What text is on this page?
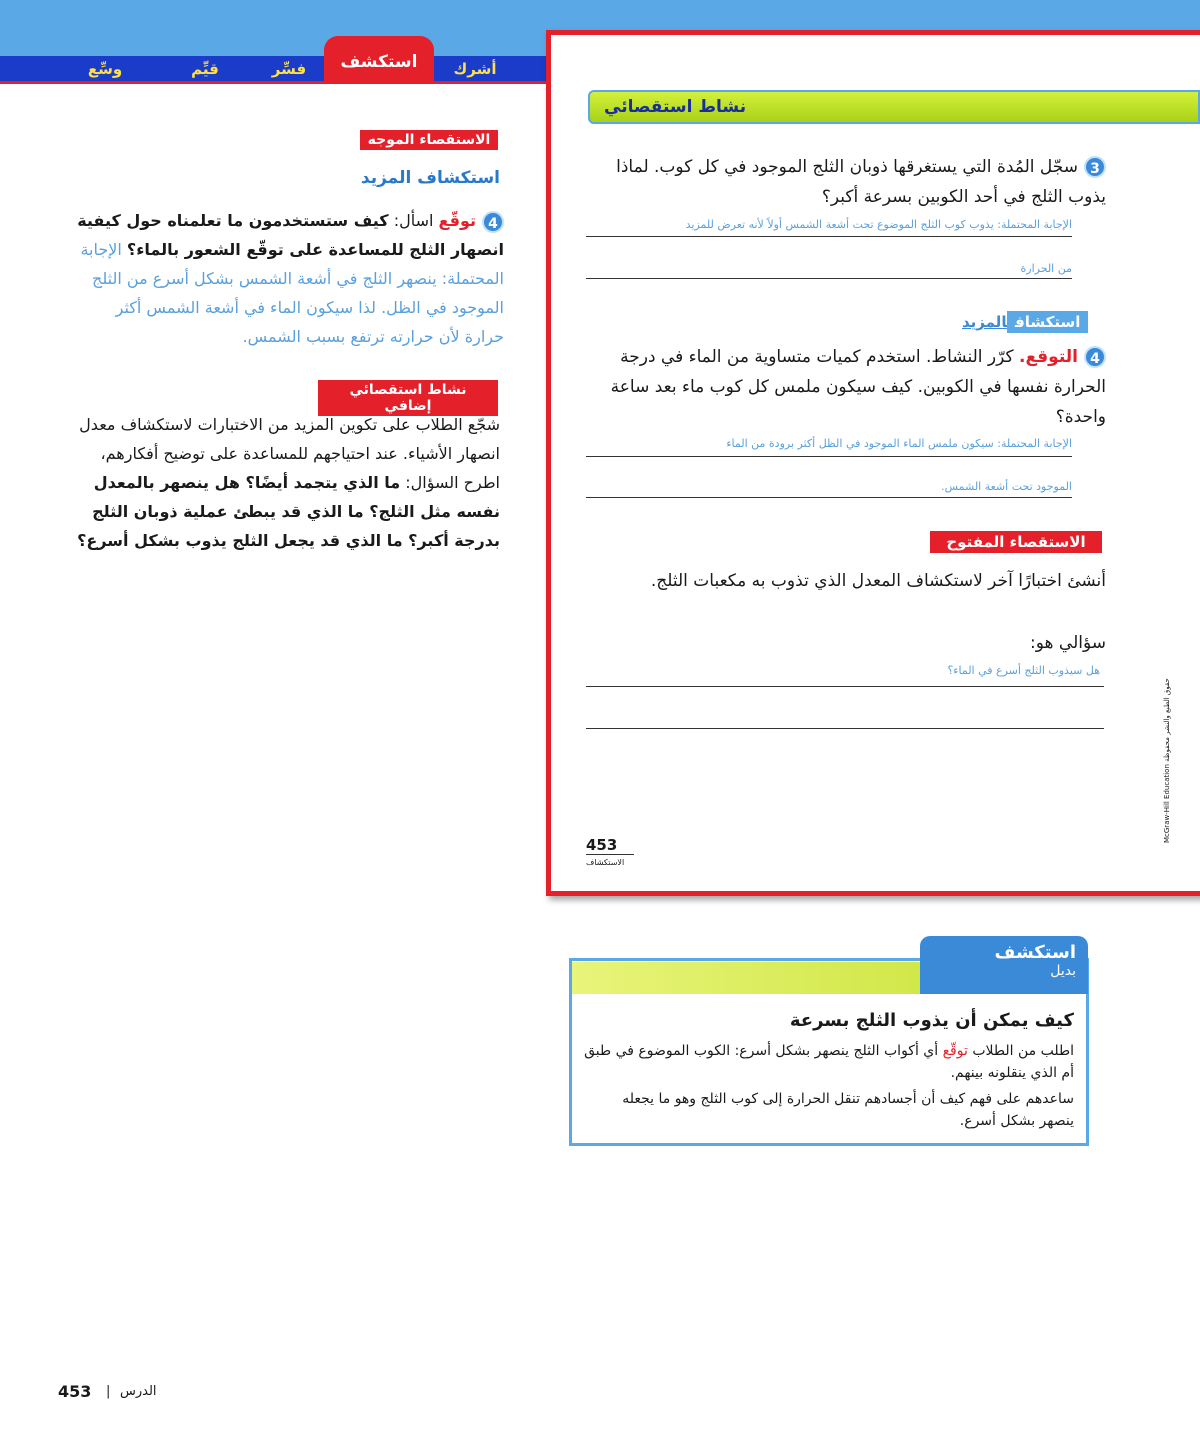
وسِّع	قيِّم	فسِّر	استكشف	أشرك
الاستقصاء الموجه
استكشاف المزيد
4توقّع اسأل: كيف ستستخدمون ما تعلمناه حول كيفية انصهار الثلج للمساعدة على توقّع الشعور بالماء؟ الإجابة المحتملة: ينصهر الثلج في أشعة الشمس بشكل أسرع من الثلج الموجود في الظل. لذا سيكون الماء في أشعة الشمس أكثر حرارة لأن حرارته ترتفع بسبب الشمس.
نشاط استقصائي إضافي
شجّع الطلاب على تكوين المزيد من الاختبارات لاستكشاف معدل انصهار الأشياء. عند احتياجهم للمساعدة على توضيح أفكارهم، اطرح السؤال: ما الذي يتجمد أيضًا؟ هل ينصهر بالمعدل نفسه مثل الثلج؟ ما الذي قد يبطئ عملية ذوبان الثلج بدرجة أكبر؟ ما الذي قد يجعل الثلج يذوب بشكل أسرع؟
نشاط استقصائي
3سجّل المُدة التي يستغرقها ذوبان الثلج الموجود في كل كوب. لماذا يذوب الثلج في أحد الكوبين بسرعة أكبر؟
الإجابة المحتملة: يذوب كوب الثلج الموضوع تحت أشعة الشمس أولاً لأنه تعرض للمزيد
من الحرارة
استكشافالمزيد
4التوقع. كرّر النشاط. استخدم كميات متساوية من الماء في درجة الحرارة نفسها في الكوبين. كيف سيكون ملمس كل كوب ماء بعد ساعة واحدة؟
الإجابة المحتملة: سيكون ملمس الماء الموجود في الظل أكثر برودة من الماء
الموجود تحت أشعة الشمس.
الاستقصاء المفتوح
أنشئ اختبارًا آخر لاستكشاف المعدل الذي تذوب به مكعبات الثلج.
سؤالي هو:
هل سيذوب الثلج أسرع في الماء؟
453
الاستكشاف
McGraw-Hill Education حقوق الطبع والنشر محفوظة
استكشف
بديل
كيف يمكن أن يذوب الثلج بسرعة
اطلب من الطلاب توقّع أي أكواب الثلج ينصهر بشكل أسرع: الكوب الموضوع في طبق أم الذي ينقلونه بينهم.
ساعدهم على فهم كيف أن أجسادهم تنقل الحرارة إلى كوب الثلج وهو ما يجعله ينصهر بشكل أسرع.
453 | الدرس
